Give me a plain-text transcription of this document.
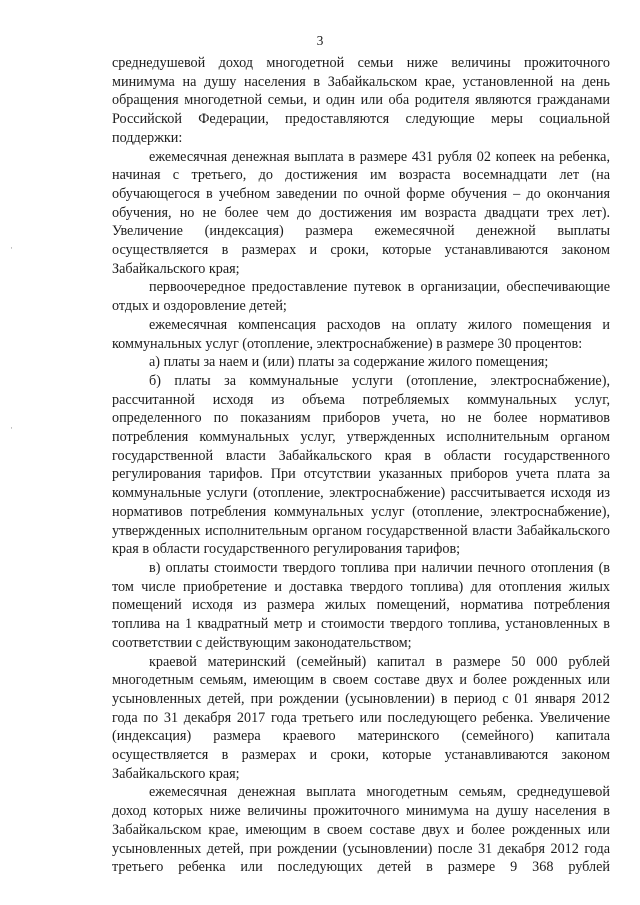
3
·
·

среднедушевой доход многодетной семьи ниже величины прожиточного минимума на душу населения в Забайкальском крае, установленной на день обращения многодетной семьи, и один или оба родителя являются гражданами Российской Федерации, предоставляются следующие меры социальной поддержки:

ежемесячная денежная выплата в размере 431 рубля 02 копеек на ребенка, начиная с третьего, до достижения им возраста восемнадцати лет (на обучающегося в учебном заведении по очной форме обучения – до окончания обучения, но не более чем до достижения им возраста двадцати трех лет). Увеличение (индексация) размера ежемесячной денежной выплаты осуществляется в размерах и сроки, которые устанавливаются законом Забайкальского края;

первоочередное предоставление путевок в организации, обеспечивающие отдых и оздоровление детей;

ежемесячная компенсация расходов на оплату жилого помещения и коммунальных услуг (отопление, электроснабжение) в размере 30 процентов:

а) платы за наем и (или) платы за содержание жилого помещения;

б) платы за коммунальные услуги (отопление, электроснабжение), рассчитанной исходя из объема потребляемых коммунальных услуг, определенного по показаниям приборов учета, но не более нормативов потребления коммунальных услуг, утвержденных исполнительным органом государственной власти Забайкальского края в области государственного регулирования тарифов. При отсутствии указанных приборов учета плата за коммунальные услуги (отопление, электроснабжение) рассчитывается исходя из нормативов потребления коммунальных услуг (отопление, электроснабжение), утвержденных исполнительным органом государственной власти Забайкальского края в области государственного регулирования тарифов;

в) оплаты стоимости твердого топлива при наличии печного отопления (в том числе приобретение и доставка твердого топлива) для отопления жилых помещений исходя из размера жилых помещений, норматива потребления топлива на 1 квадратный метр и стоимости твердого топлива, установленных в соответствии с действующим законодательством;

краевой материнский (семейный) капитал в размере 50 000 рублей многодетным семьям, имеющим в своем составе двух и более рожденных или усыновленных детей, при рождении (усыновлении) в период с 01 января 2012 года по 31 декабря 2017 года третьего или последующего ребенка. Увеличение (индексация) размера краевого материнского (семейного) капитала осуществляется в размерах и сроки, которые устанавливаются законом Забайкальского края;

ежемесячная денежная выплата многодетным семьям, среднедушевой доход которых ниже величины прожиточного минимума на душу населения в Забайкальском крае, имеющим в своем составе двух и более рожденных или усыновленных детей, при рождении (усыновлении) после 31 декабря 2012 года третьего ребенка или последующих детей в размере 9 368 рублей
